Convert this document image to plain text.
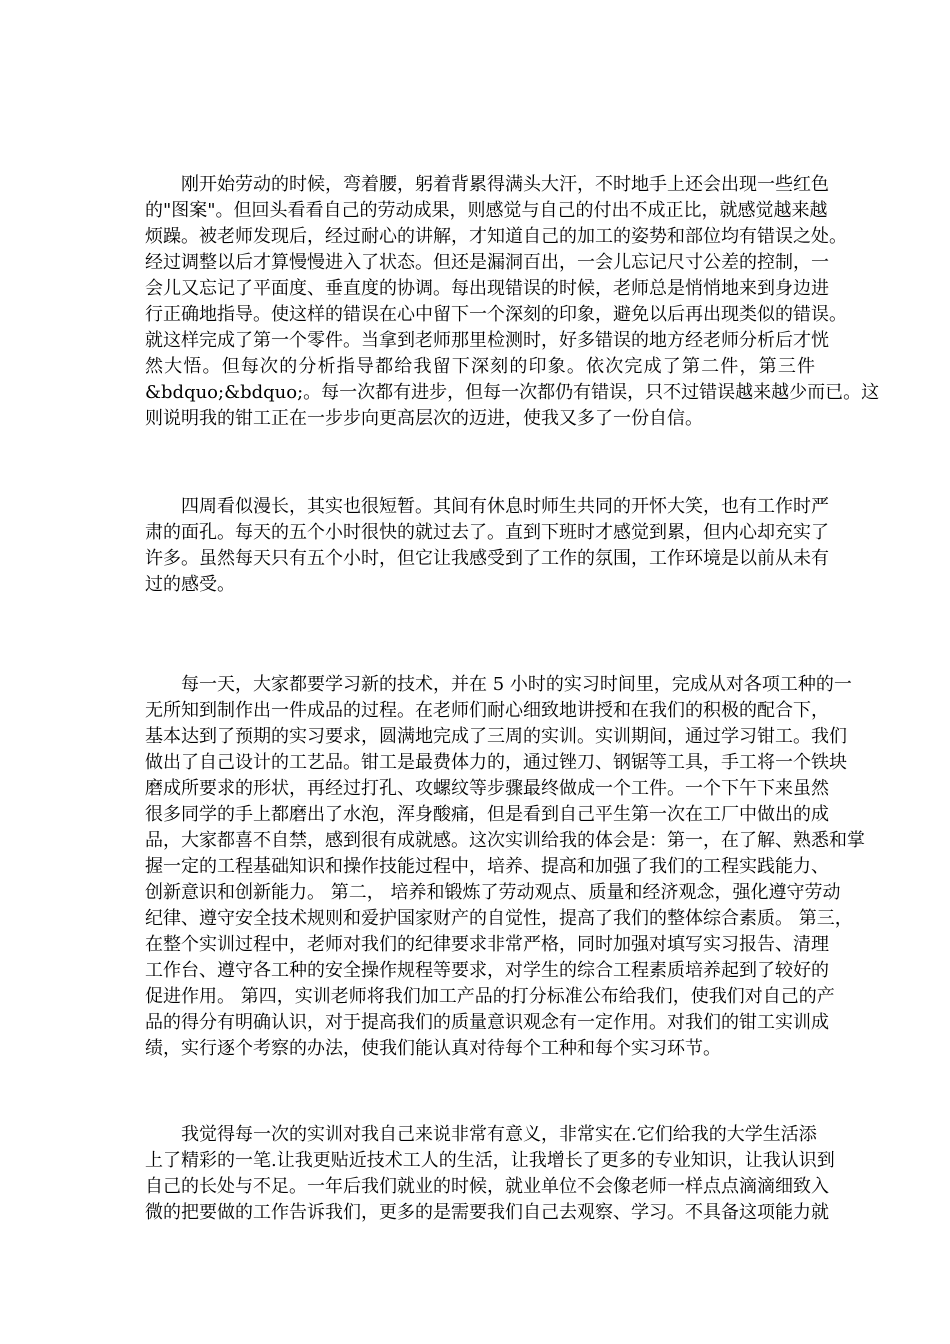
刚开始劳动的时候，弯着腰，躬着背累得满头大汗，不时地手上还会出现一些红色
的"图案"。但回头看看自己的劳动成果，则感觉与自己的付出不成正比，就感觉越来越
烦躁。被老师发现后，经过耐心的讲解，才知道自己的加工的姿势和部位均有错误之处。
经过调整以后才算慢慢进入了状态。但还是漏洞百出，一会儿忘记尺寸公差的控制，一
会儿又忘记了平面度、垂直度的协调。每出现错误的时候，老师总是悄悄地来到身边进
行正确地指导。使这样的错误在心中留下一个深刻的印象，避免以后再出现类似的错误。
就这样完成了第一个零件。当拿到老师那里检测时，好多错误的地方经老师分析后才恍
然大悟。但每次的分析指导都给我留下深刻的印象。依次完成了第二件，第三件
&bdquo;&bdquo;。每一次都有进步，但每一次都仍有错误，只不过错误越来越少而已。这
则说明我的钳工正在一步步向更高层次的迈进，使我又多了一份自信。
四周看似漫长，其实也很短暂。其间有休息时师生共同的开怀大笑，也有工作时严
肃的面孔。每天的五个小时很快的就过去了。直到下班时才感觉到累，但内心却充实了
许多。虽然每天只有五个小时，但它让我感受到了工作的氛围，工作环境是以前从未有
过的感受。
每一天，大家都要学习新的技术，并在 5 小时的实习时间里，完成从对各项工种的一
无所知到制作出一件成品的过程。在老师们耐心细致地讲授和在我们的积极的配合下，
基本达到了预期的实习要求，圆满地完成了三周的实训。实训期间，通过学习钳工。我们
做出了自己设计的工艺品。钳工是最费体力的，通过锉刀、钢锯等工具，手工将一个铁块
磨成所要求的形状，再经过打孔、攻螺纹等步骤最终做成一个工件。一个下午下来虽然
很多同学的手上都磨出了水泡，浑身酸痛，但是看到自己平生第一次在工厂中做出的成
品，大家都喜不自禁，感到很有成就感。这次实训给我的体会是：第一，在了解、熟悉和掌
握一定的工程基础知识和操作技能过程中，培养、提高和加强了我们的工程实践能力、
创新意识和创新能力。 第二， 培养和锻炼了劳动观点、质量和经济观念，强化遵守劳动
纪律、遵守安全技术规则和爱护国家财产的自觉性，提高了我们的整体综合素质。 第三，
在整个实训过程中，老师对我们的纪律要求非常严格，同时加强对填写实习报告、清理
工作台、遵守各工种的安全操作规程等要求，对学生的综合工程素质培养起到了较好的
促进作用。 第四，实训老师将我们加工产品的打分标准公布给我们，使我们对自己的产
品的得分有明确认识，对于提高我们的质量意识观念有一定作用。对我们的钳工实训成
绩，实行逐个考察的办法，使我们能认真对待每个工种和每个实习环节。
我觉得每一次的实训对我自己来说非常有意义，非常实在.它们给我的大学生活添
上了精彩的一笔.让我更贴近技术工人的生活，让我增长了更多的专业知识，让我认识到
自己的长处与不足。一年后我们就业的时候，就业单位不会像老师一样点点滴滴细致入
微的把要做的工作告诉我们，更多的是需要我们自己去观察、学习。不具备这项能力就
